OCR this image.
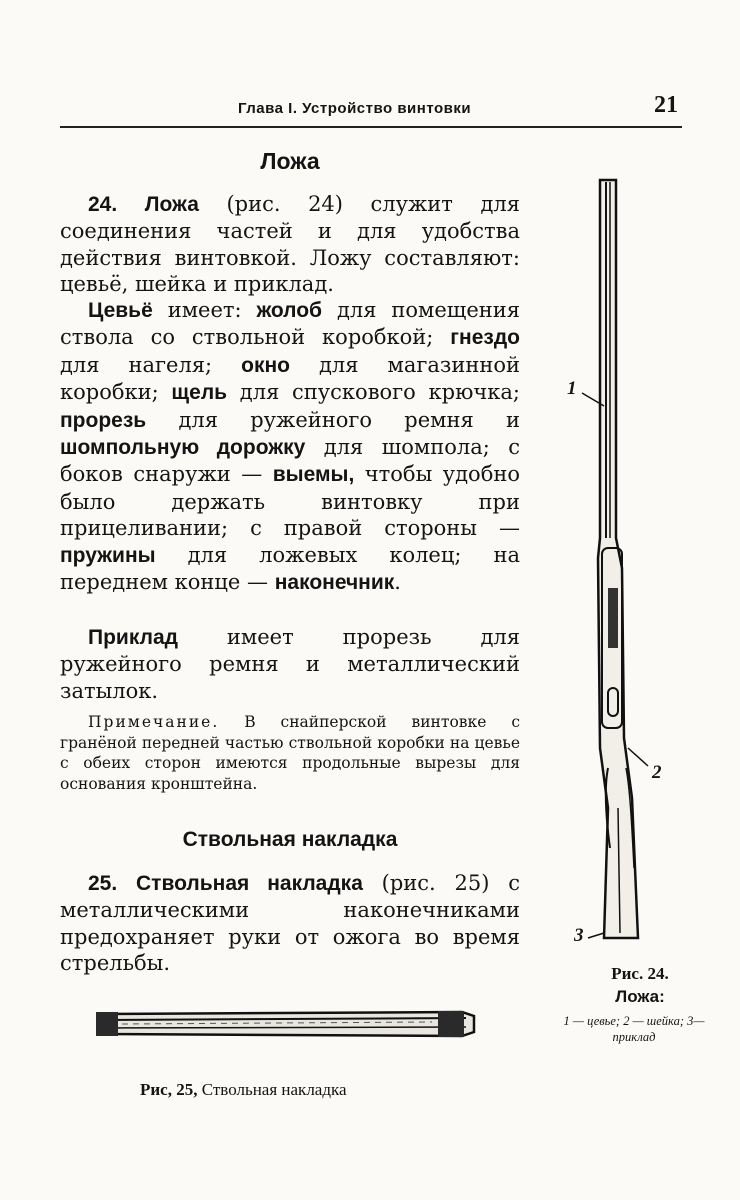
Глава I. Устройство винтовки	21
Ложа

24. Ложа (рис. 24) служит для соединения частей и для удобства действия винтовкой. Ложу составляют: цевьё, шейка и приклад.

Цевьё имеет: жолоб для помещения ствола со ствольной коробкой; гнездо для нагеля; окно для магазинной коробки; щель для спускового крючка; прорезь для ружейного ремня и шомпольную дорожку для шомпола; с боков снаружи — выемы, чтобы удобно было держать винтовку при прицеливании; с правой стороны — пружины для ложевых колец; на переднем конце — наконечник.

Приклад имеет прорезь для ружейного ремня и металлический затылок.

Примечание. В снайперской винтовке с гранёной передней частью ствольной коробки на цевье с обеих сторон имеются продольные вырезы для основания кронштейна.

Ствольная накладка

25. Ствольная накладка (рис. 25) с металлическими наконечниками предохраняет руки от ожога во время стрельбы.

Рис, 25, Ствольная накладка
1
2
3
Рис. 24.
Ложа:
1 — цевье; 2 — шейка; 3—приклад
